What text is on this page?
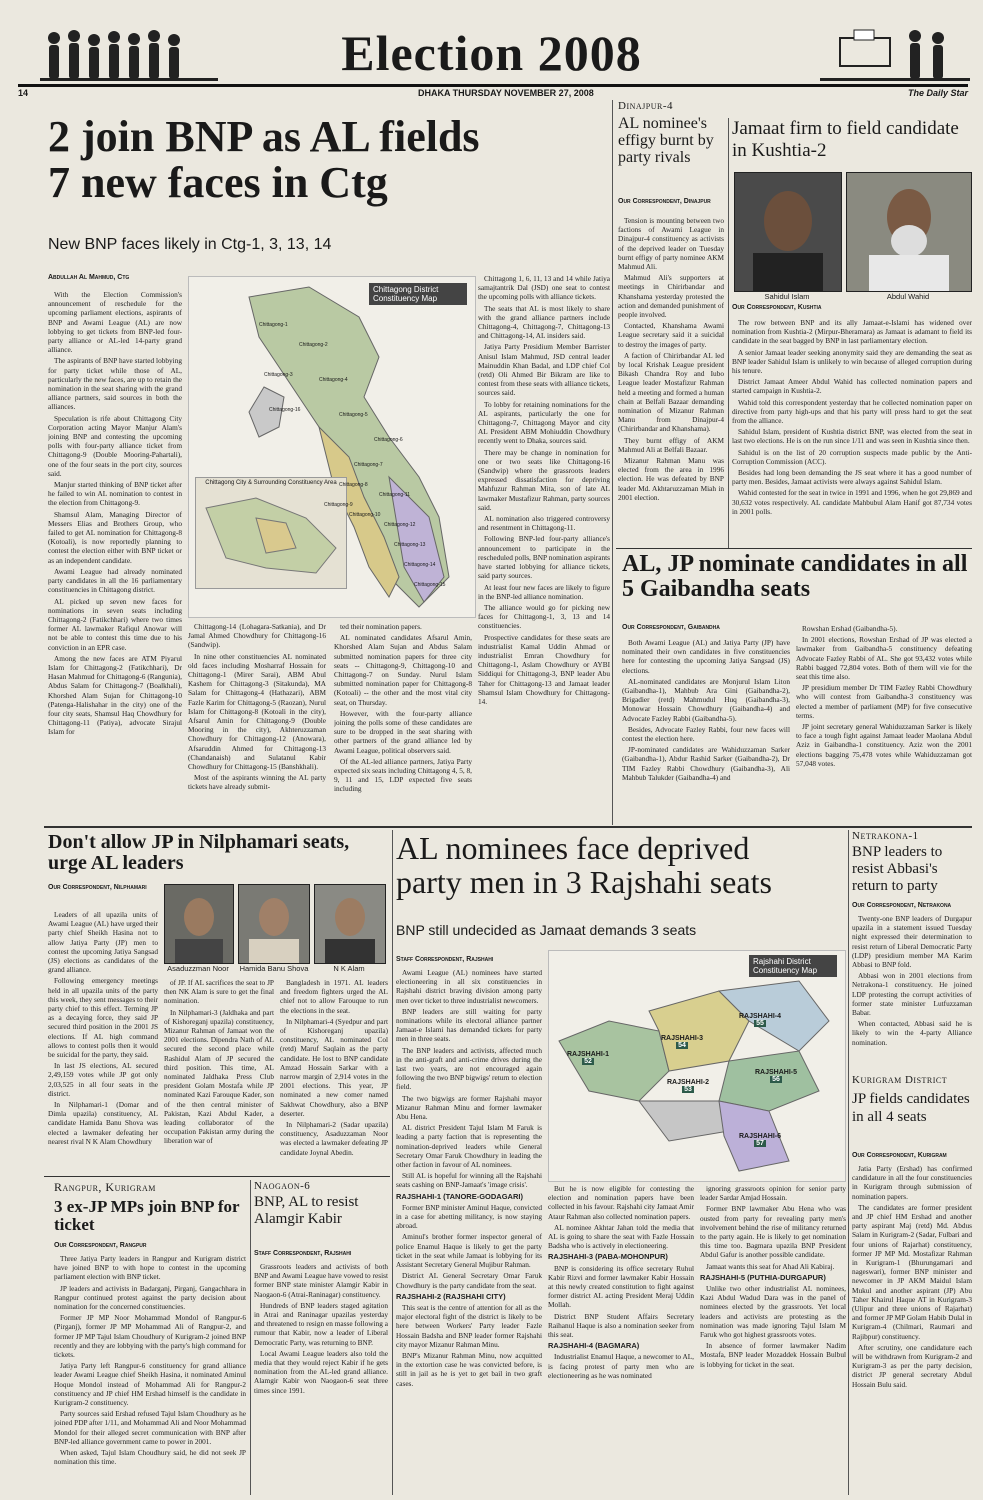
Election 2008
14	DHAKA THURSDAY NOVEMBER 27, 2008	The Daily Star
2 join BNP as AL fields
7 new faces in Ctg
New BNP faces likely in Ctg-1, 3, 13, 14
Abdullah Al Mahmud, Ctg

With the Election Commission's announcement of reschedule for the upcoming parliament elections, aspirants of BNP and Awami League (AL) are now lobbying to get tickets from BNP-led four-party alliance or AL-led 14-party grand alliance.

The aspirants of BNP have started lobbying for party ticket while those of AL, particularly the new faces, are up to retain the nomination in the seat sharing with the grand alliance partners, said sources in both the alliances.

Speculation is rife about Chittagong City Corporation acting Mayor Manjur Alam's joining BNP and contesting the upcoming polls with four-party alliance ticket from Chittagong-9 (Double Mooring-Pahartali), one of the four seats in the port city, sources said.

Manjur started thinking of BNP ticket after he failed to win AL nomination to contest in the election from Chittagong-9.

Shamsul Alam, Managing Director of Messers Elias and Brothers Group, who failed to get AL nomination for Chittagong-8 (Kotoali), is now reportedly planning to contest the election either with BNP ticket or as an independent candidate.

Awami League had already nominated party candidates in all the 16 parliamentary constituencies in Chittagong district.

AL picked up seven new faces for nominations in seven seats including Chittagong-2 (Fatikchhari) where two times former AL lawmaker Rafiqul Anowar will not be able to contest this time due to his conviction in an EPR case.

Among the new faces are ATM Piyarul Islam for Chittagong-2 (Fatikchhari), Dr Hasan Mahmud for Chittagong-6 (Rangunia), Abdus Salam for Chittagong-7 (Boalkhali), Khorshed Alam Sujan for Chittagong-10 (Patenga-Halishahar in the city) one of the four city seats, Shamsul Haq Chowdhury for Chittagong-11 (Patiya), advocate Sirajul Islam for

Chittagong District Constituency Map
Chittagong City & Surrounding Constituency Area
Chittagong-1
Chittagong-2
Chittagong-3
Chittagong-4
Chittagong-5
Chittagong-6
Chittagong-7
Chittagong-8
Chittagong-9
Chittagong-10
Chittagong-11
Chittagong-12
Chittagong-13
Chittagong-14
Chittagong-15
Chittagong-16

Chittagong-14 (Lohagara-Satkania), and Dr Jamal Ahmed Chowdhury for Chittagong-16 (Sandwip).

In nine other constituencies AL nominated old faces including Mosharraf Hossain for Chittagong-1 (Mirer Sarai), ABM Abul Kashem for Chittagong-3 (Sitakunda), MA Salam for Chittagong-4 (Hathazari), ABM Fazle Karim for Chittagong-5 (Raozan), Nurul Islam for Chittagong-8 (Kotoali in the city), Afsarul Amin for Chittagong-9 (Double Mooring in the city), Akhteruzzaman Chowdhury for Chittagong-12 (Anowara), Afsaruddin Ahmed for Chittagong-13 (Chandanaish) and Sulatanul Kabir Chowdhury for Chittagong-15 (Banshkhali).

Most of the aspirants winning the AL party tickets have already submit-

ted their nomination papers.

AL nominated candidates Afsarul Amin, Khorshed Alam Sujan and Abdus Salam submitted nomination papers for three city seats -- Chittagong-9, Chittagong-10 and Chittagong-7 on Sunday. Nurul Islam submitted nomination paper for Chittagong-8 (Kotoali) -- the other and the most vital city seat, on Thursday.

However, with the four-party alliance joining the polls some of these candidates are sure to be dropped in the seat sharing with other partners of the grand alliance led by Awami League, political observers said.

Of the AL-led alliance partners, Jatiya Party expected six seats including Chittagong 4, 5, 8, 9, 11 and 15, LDP expected five seats including

Chittagong 1, 6, 11, 13 and 14 while Jatiya samajtantrik Dal (JSD) one seat to contest the upcoming polls with alliance tickets.

The seats that AL is most likely to share with the grand alliance partners include Chittagong-4, Chittagong-7, Chittagong-13 and Chittagong-14, AL insiders said.

Jatiya Party Presidium Member Barrister Anisul Islam Mahmud, JSD central leader Mainuddin Khan Badal, and LDP chief Col (retd) Oli Ahmed Bir Bikram are like to contest from these seats with alliance tickets, sources said.

To lobby for retaining nominations for the AL aspirants, particularly the one for Chittagong-7, Chittagong Mayor and city AL President ABM Mohiuddin Chowdhury recently went to Dhaka, sources said.

There may be change in nomination for one or two seats like Chittagong-16 (Sandwip) where the grassroots leaders expressed dissatisfaction for depriving Mahfuzur Rahman Mita, son of late AL lawmaker Mustafizur Rahman, party sources said.

AL nomination also triggered controversy and resentment in Chittagong-11.

Following BNP-led four-party alliance's announcement to participate in the rescheduled polls, BNP nomination aspirants have started lobbying for alliance tickets, said party sources.

At least four new faces are likely to figure in the BNP-led alliance nomination.

The alliance would go for picking new faces for Chittagong-1, 3, 13 and 14 constituencies.

Prospective candidates for these seats are industrialist Kamal Uddin Ahmad or industrialist Emran Chowdhury for Chittagong-1, Aslam Chowdhury or AYBI Siddiqui for Chittagong-3, BNP leader Abu Taher for Chittagong-13 and Jamaat leader Shamsul Islam Chowdhury for Chittagong-14.

Dinajpur-4
AL nominee's effigy burnt by party rivals
Our Correspondent, Dinajpur

Tension is mounting between two factions of Awami League in Dinajpur-4 constituency as activists of the deprived leader on Tuesday burnt effigy of party nominee AKM Mahmud Ali.

Mahmud Ali's supporters at meetings in Chirirbandar and Khanshama yesterday protested the action and demanded punishment of people involved.

Contacted, Khanshama Awami League secretary said it a suicidal to destroy the images of party.

A faction of Chirirbandar AL led by local Krishak League president Bikash Chandra Roy and Iubo League leader Mostafizur Rahman held a meeting and formed a human chain at Belfali Bazaar demanding nomination of Mizanur Rahman Manu from Dinajpur-4 (Chirirbandar and Khanshama).

They burnt effigy of AKM Mahmud Ali at Belfali Bazaar.

Mizanur Rahman Manu was elected from the area in 1996 election. He was defeated by BNP leader Md. Akhtaruzzaman Miah in 2001 election.

Jamaat firm to field candidate in Kushtia-2
Sahidul Islam	Abdul Wahid
Our Correspondent, Kushtia

The row between BNP and its ally Jamaat-e-Islami has widened over nomination from Kushtia-2 (Mirpur-Bheramara) as Jamaat is adamant to field its candidate in the seat bagged by BNP in last parliamentary election.

A senior Jamaat leader seeking anonymity said they are demanding the seat as BNP leader Sahidul Islam is unlikely to win because of alleged corruption during his tenure.

District Jamaat Ameer Abdul Wahid has collected nomination papers and started campaign in Kushtia-2.

Wahid told this correspondent yesterday that he collected nomination paper on directive from party high-ups and that his party will press hard to get the seat from the alliance.

Sahidul Islam, president of Kushtia district BNP, was elected from the seat in last two elections. He is on the run since 1/11 and was seen in Kushtia since then.

Sahidul is on the list of 20 corruption suspects made public by the Anti-Corruption Commission (ACC).

Besides had long been demanding the JS seat where it has a good number of party men. Besides, Jamaat activists were always against Sahidul Islam.

Wahid contested for the seat in twice in 1991 and 1996, when he got 29,869 and 30,632 votes respectively. AL candidate Mahbubul Alam Hanif got 87,734 votes in 2001 polls.

AL, JP nominate candidates in all 5 Gaibandha seats
Our Correspondent, Gaibandha

Both Awami League (AL) and Jatiya Party (JP) have nominated their own candidates in five constituencies here for contesting the upcoming Jatiya Sangsad (JS) elections.

AL-nominated candidates are Monjurul Islam Liton (Gaibandha-1), Mahbub Ara Gini (Gaibandha-2), Brigadier (retd) Mahmudul Huq (Gaibandha-3), Monowar Hossain Chowdhury (Gaibandha-4) and Advocate Fazley Rabbi (Gaibandha-5).

Besides, Advocate Fazley Rabbi, four new faces will contest the election here.

JP-nominated candidates are Wahiduzzaman Sarker (Gaibandha-1), Abdur Rashid Sarker (Gaibandha-2), Dr TIM Fazley Rabbi Chowdhury (Gaibandha-3), Ali Mahbub Talukder (Gaibandha-4) and

Rowshan Ershad (Gaibandha-5).

In 2001 elections, Rowshan Ershad of JP was elected a lawmaker from Gaibandha-5 constituency defeating Advocate Fazley Rabbi of AL. She got 93,432 votes while Rabbi bagged 72,804 votes. Both of them will vie for the seat this time also.

JP presidium member Dr TIM Fazley Rabbi Chowdhury who will contest from Gaibandha-3 constituency was elected a member of parliament (MP) for five consecutive terms.

JP joint secretary general Wahiduzzaman Sarker is likely to face a tough fight against Jamaat leader Maolana Abdul Aziz in Gaibandha-1 constituency. Aziz won the 2001 elections bagging 75,478 votes while Wahiduzzaman got 57,048 votes.

Don't allow JP in Nilphamari seats, urge AL leaders
Our Correspondent, Nilphamari
Asaduzzman Noor	Hamida Banu Shova	N K Alam

Leaders of all upazila units of Awami League (AL) have urged their party chief Sheikh Hasina not to allow Jatiya Party (JP) men to contest the upcoming Jatiya Sangsad (JS) elections as candidates of the grand alliance.

Following emergency meetings held in all upazila units of the party this week, they sent messages to their party chief to this effect. Terming JP as a decaying force, they said JP secured third position in the 2001 JS elections. If AL high command allows to contest polls then it would be suicidal for the party, they said.

In last JS elections, AL secured 2,49,159 votes while JP got only 2,03,525 in all four seats in the district.

In Nilphamari-1 (Domar and Dimla upazila) constituency, AL candidate Hamida Banu Shova was elected a lawmaker defeating her nearest rival N K Alam Chowdhury

of JP. If AL sacrifices the seat to JP then NK Alam is sure to get the final nomination.

In Nilphamari-3 (Jaldhaka and part of Kishoreganj upazila) constituency, Mizanur Rahman of Jamaat won the 2001 elections. Dipendra Nath of AL secured the second place while Rashidul Alam of JP secured the third position. This time, AL nominated Jaldhaka Press Club president Golam Mostafa while JP nominated Kazi Farouque Kader, son of the then central minister of Pakistan, Kazi Abdul Kader, a leading collaborator of the occupation Pakistan army during the liberation war of

Bangladesh in 1971. AL leaders and freedom fighters urged the AL chief not to allow Farouque to run the elections in the seat.

In Nilphamari-4 (Syedpur and part of Kishoreganj upazila) constituency, AL nominated Col (retd) Maruf Saqlain as the party candidate. He lost to BNP candidate Amzad Hossain Sarkar with a narrow margin of 2,914 votes in the 2001 elections. This year, JP nominated a new comer named Sakhwat Chowdhury, also a BNP deserter.

In Nilphamari-2 (Sadar upazila) constituency, Asaduzzaman Noor was elected a lawmaker defeating JP candidate Joynal Abedin.

AL nominees face deprived
party men in 3 Rajshahi seats
BNP still undecided as Jamaat demands 3 seats
Staff Correspondent, Rajshahi

Awami League (AL) nominees have started electioneering in all six constituencies in Rajshahi district braving division among party men over ticket to three industrialist newcomers.

BNP leaders are still waiting for party nominations while its electoral alliance partner Jamaat-e Islami has demanded tickets for party men in three seats.

The BNP leaders and activists, affected much in the anti-graft and anti-crime drives during the last two years, are not encouraged again following the two BNP bigwigs' return to election field.

The two bigwigs are former Rajshahi mayor Mizanur Rahman Minu and former lawmaker Abu Hena.

AL district President Tajul Islam M Faruk is leading a party faction that is representing the nomination-deprived leaders while General Secretary Omar Faruk Chowdhury in leading the other faction in favour of AL nominees.

Still AL is hopeful for winning all the Rajshahi seats cashing on BNP-Jamaat's 'image crisis'.

RAJSHAHI-1 (TANORE-GODAGARI)

Former BNP minister Aminul Haque, convicted in a case for abetting militancy, is now staying abroad.

Aminul's brother former inspector general of police Enamul Haque is likely to get the party ticket in the seat while Jamaat is lobbying for its Assistant Secretary General Mujibur Rahman.

District AL General Secretary Omar Faruk Chowdhury is the party candidate from the seat.

RAJSHAHI-2 (RAJSHAHI CITY)

This seat is the centre of attention for all as the major electoral fight of the district is likely to be here between Workers' Party leader Fazle Hossain Badsha and BNP leader former Rajshahi city mayor Mizanur Rahman Minu.

BNP's Mizanur Rahman Minu, now acquitted in the extortion case he was convicted before, is still in jail as he is yet to get bail in two graft cases.

Rajshahi District Constituency Map
RAJSHAHI-1
52
RAJSHAHI-2
53
RAJSHAHI-3
54
RAJSHAHI-4
55
RAJSHAHI-5
56
RAJSHAHI-6
57

But he is now eligible for contesting the election and nomination papers have been collected in his favour. Rajshahi city Jamaat Amir Ataur Rahman also collected nomination papers.

AL nominee Akhtar Jahan told the media that AL is going to share the seat with Fazle Hossain Badsha who is actively in electioneering.

RAJSHAHI-3 (PABA-MOHONPUR)

BNP is considering its office secretary Ruhul Kabir Rizvi and former lawmaker Kabir Hossain at this newly created constitution to fight against former district AL acting President Meraj Uddin Mollah.

District BNP Student Affairs Secretary Raihanul Haque is also a nomination seeker from this seat.

RAJSHAHI-4 (BAGMARA)

Industrialist Enamul Haque, a newcomer to AL, is facing protest of party men who are electioneering as he was nominated

ignoring grassroots opinion for senior party leader Sardar Amjad Hossain.

Former BNP lawmaker Abu Hena who was ousted from party for revealing party men's involvement behind the rise of militancy returned to the party again. He is likely to get nomination this time too. Bagmara upazila BNP President Abdul Gafur is another possible candidate.

Jamaat wants this seat for Ahad Ali Kabiraj.

RAJSHAHI-5 (PUTHIA-DURGAPUR)

Unlike two other industrialist AL nominees, Kazi Abdul Wadud Dara was in the panel of nominees elected by the grassroots. Yet local leaders and activists are protesting as the nomination was made ignoring Tajul Islam M Faruk who got highest grassroots votes.

In absence of former lawmaker Nadim Mostafa, BNP leader Mozaddek Hossain Bulbul is lobbying for ticket in the seat.

Netrakona-1
BNP leaders to resist Abbasi's return to party
Our Correspondent, Netrakona

Twenty-one BNP leaders of Durgapur upazila in a statement issued Tuesday night expressed their determination to resist return of Liberal Democratic Party (LDP) presidium member MA Karim Abbasi to BNP fold.

Abbasi won in 2001 elections from Netrakona-1 constituency. He joined LDP protesting the corrupt activities of former state minister Lutfuzzaman Babar.

When contacted, Abbasi said he is likely to win the 4-party Alliance nomination.

Kurigram District
JP fields candidates in all 4 seats
Our Correspondent, Kurigram

Jatia Party (Ershad) has confirmed candidature in all the four constituencies in Kurigram through submission of nomination papers.

The candidates are former president and JP chief HM Ershad and another party aspirant Maj (retd) Md. Abdus Salam in Kurigram-2 (Sadar, Fulbari and four unions of Rajarhat) constituency, former JP MP Md. Mostafizar Rahman in Kurigram-1 (Bhurungamari and nageswari), former BNP minister and newcomer in JP AKM Maidul Islam Mukul and another aspirant (JP) Abu Taher Khairul Haque AT in Kurigram-3 (Ulipur and three unions of Rajarhat) and former JP MP Golam Habib Dulal in Kurigram-4 (Chilmari, Raumari and Rajibpur) constituency.

After scrutiny, one candidature each will be withdrawn from Kurigram-2 and Kurigram-3 as per the party decision, district JP general secretary Abdul Hossain Bulu said.

Rangpur, Kurigram
3 ex-JP MPs join BNP for ticket
Our Correspondent, Rangpur

Three Jatiya Party leaders in Rangpur and Kurigram district have joined BNP to with hope to contest in the upcoming parliament election with BNP ticket.

JP leaders and activists in Badarganj, Pirganj, Gangachhara in Rangpur continued protest against the party decision about nomination for the concerned constituencies.

Former JP MP Noor Mohammad Mondol of Rangpur-6 (Pirganj), former JP MP Mohammad Ali of Rangpur-2, and former JP MP Tajul Islam Choudhury of Kurigram-2 joined BNP recently and they are lobbying with the party's high command for tickets.

Jatiya Party left Rangpur-6 constituency for grand alliance leader Awami League chief Sheikh Hasina, it nominated Aminul Hoque Mondol instead of Mohammad Ali for Rangpur-2 constituency and JP chief HM Ershad himself is the candidate in Kurigram-2 constituency.

Party sources said Ershad refused Tajul Islam Choudhury as he joined PDP after 1/11, and Mohammad Ali and Noor Mohammad Mondol for their alleged secret communication with BNP after BNP-led alliance government came to power in 2001.

When asked, Tajul Islam Choudhury said, he did not seek JP nomination this time.

Naogaon-6
BNP, AL to resist Alamgir Kabir
Staff Correspondent, Rajshahi

Grassroots leaders and activists of both BNP and Awami League have vowed to resist former BNP state minister Alamgir Kabir in Naogaon-6 (Atrai-Raninagar) constituency.

Hundreds of BNP leaders staged agitation in Atrai and Raninagar upazilas yesterday and threatened to resign en masse following a rumour that Kabir, now a leader of Liberal Democratic Party, was returning to BNP.

Local Awami League leaders also told the media that they would reject Kabir if he gets nomination from the AL-led grand alliance. Alamgir Kabir won Naogaon-6 seat three times since 1991.
